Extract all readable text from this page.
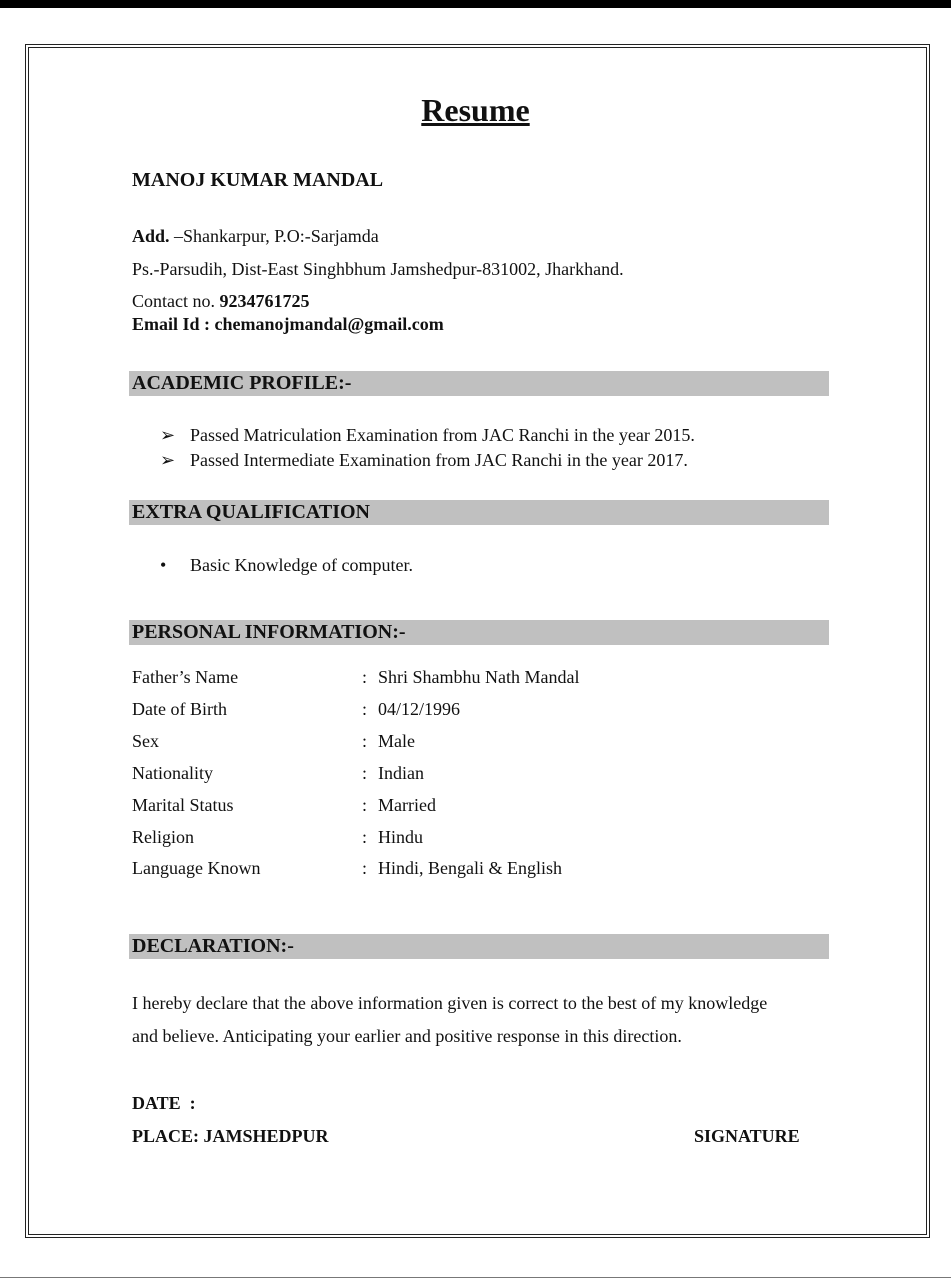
Resume
MANOJ KUMAR MANDAL
Add. –Shankarpur, P.O:-Sarjamda
Ps.-Parsudih, Dist-East Singhbhum Jamshedpur-831002, Jharkhand.
Contact no. 9234761725
Email Id : chemanojmandal@gmail.com
ACADEMIC PROFILE:-
➢ Passed Matriculation Examination from JAC Ranchi in the year 2015.
➢ Passed Intermediate Examination from JAC Ranchi in the year 2017.
EXTRA QUALIFICATION
• Basic Knowledge of computer.
PERSONAL INFORMATION:-
Father’s Name	: Shri Shambhu Nath Mandal
Date of Birth	: 04/12/1996
Sex	: Male
Nationality	: Indian
Marital Status	: Married
Religion	: Hindu
Language Known	: Hindi, Bengali & English
DECLARATION:-
I hereby declare that the above information given is correct to the best of my knowledge
and believe. Anticipating your earlier and positive response in this direction.
DATE  :
PLACE: JAMSHEDPUR	SIGNATURE
